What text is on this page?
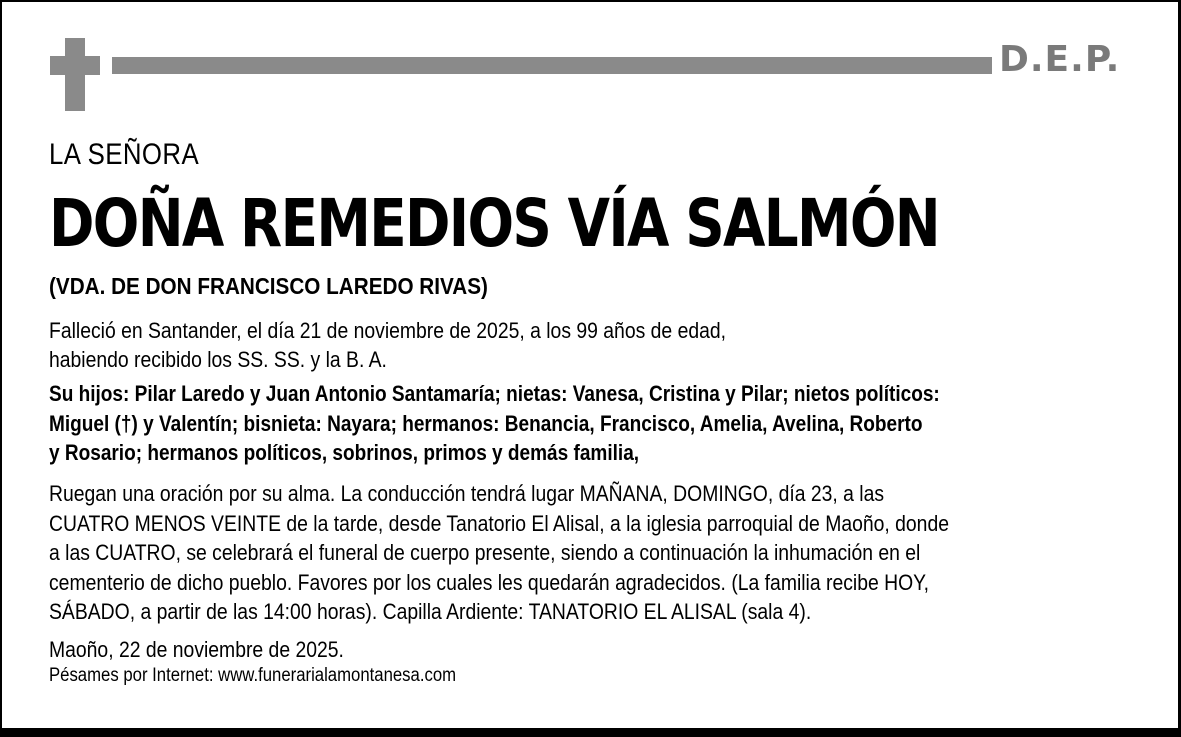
D.E.P.
LA SEÑORA
DOÑA REMEDIOS VÍA SALMÓN
(VDA. DE DON FRANCISCO LAREDO RIVAS)
Falleció en Santander, el día 21 de noviembre de 2025, a los 99 años de edad,
habiendo recibido los SS. SS. y la B. A.
Su hijos: Pilar Laredo y Juan Antonio Santamaría; nietas: Vanesa, Cristina y Pilar; nietos políticos:
Miguel (†) y Valentín; bisnieta: Nayara; hermanos: Benancia, Francisco, Amelia, Avelina, Roberto
y Rosario; hermanos políticos, sobrinos, primos y demás familia,
Ruegan una oración por su alma. La conducción tendrá lugar MAÑANA, DOMINGO, día 23, a las
CUATRO MENOS VEINTE de la tarde, desde Tanatorio El Alisal, a la iglesia parroquial de Maoño, donde
a las CUATRO, se celebrará el funeral de cuerpo presente, siendo a continuación la inhumación en el
cementerio de dicho pueblo. Favores por los cuales les quedarán agradecidos. (La familia recibe HOY,
SÁBADO, a partir de las 14:00 horas). Capilla Ardiente: TANATORIO EL ALISAL (sala 4).
Maoño, 22 de noviembre de 2025.
Pésames por Internet: www.funerarialamontanesa.com
